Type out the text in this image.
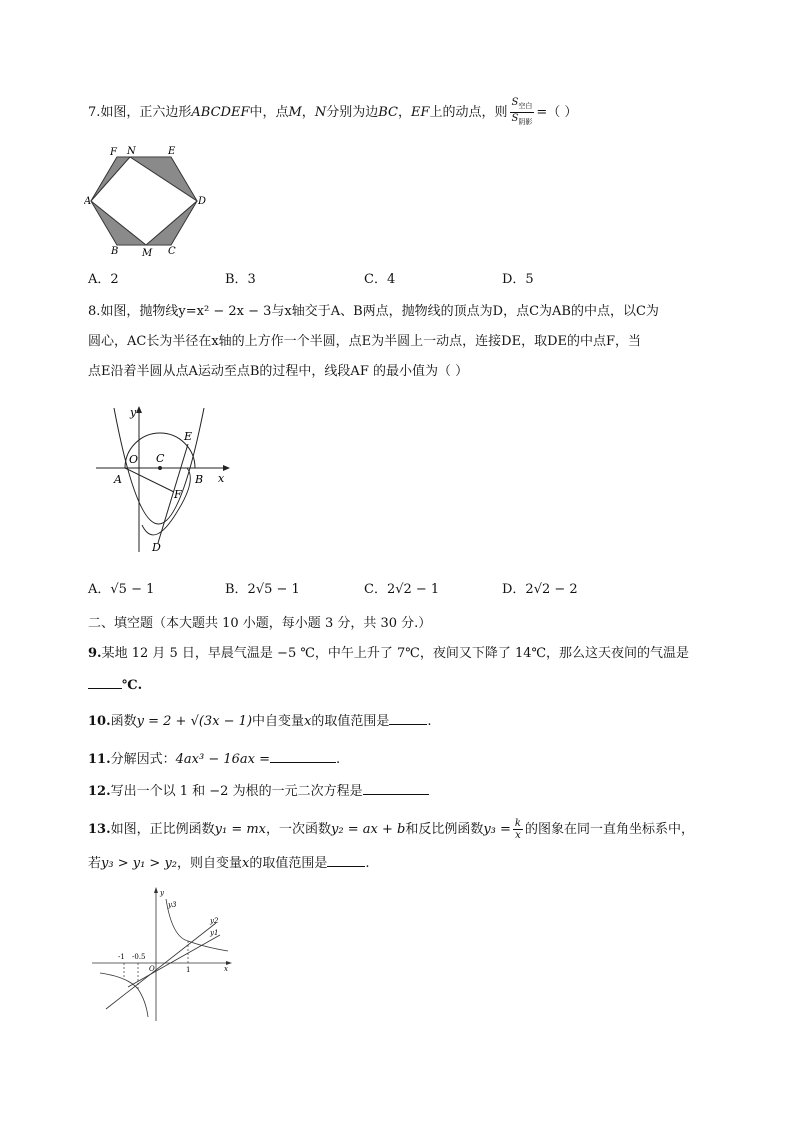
7.如图，正六边形ABCDEF中，点M，N分别为边BC，EF上的动点，则 $\frac{S_{空白}}{S_{阴影}}$ =（ ）
F N	E
A	D
B M C
A．2	B．3	C．4	D．5
8.如图，抛物线y=x² − 2x − 3与x轴交于A、B两点，抛物线的顶点为D，点C为AB的中点，以C为
圆心，AC长为半径在x轴的上方作一个半圆，点E为半圆上一动点，连接DE，取DE的中点F，当
点E沿着半圆从点A运动至点B的过程中，线段AF 的最小值为（ ）
y
E
O C
A	B x
F
D
A．√5 − 1	B．2√5 − 1	C．2√2 − 1	D．2√2 − 2
二、填空题（本大题共 10 小题，每小题 3 分，共 30 分.）
9.某地 12 月 5 日，早晨气温是 −5 ℃，中午上升了 7℃，夜间又下降了 14℃，那么这天夜间的气温是
℃.
10.函数y = 2 + √(3x − 1)中自变量x的取值范围是	.
11.分解因式：4ax³ − 16ax =	.
12.写出一个以 1 和 −2 为根的一元二次方程是
13.如图，正比例函数y₁ = mx，一次函数y₂ = ax + b和反比例函数$y_3 = \frac{k}{x}$ 的图象在同一直角坐标系中，
若y₃ > y₁ > y₂，则自变量x的取值范围是	.
y
y3
y2
y1
-1 -0.5
O	1	x
